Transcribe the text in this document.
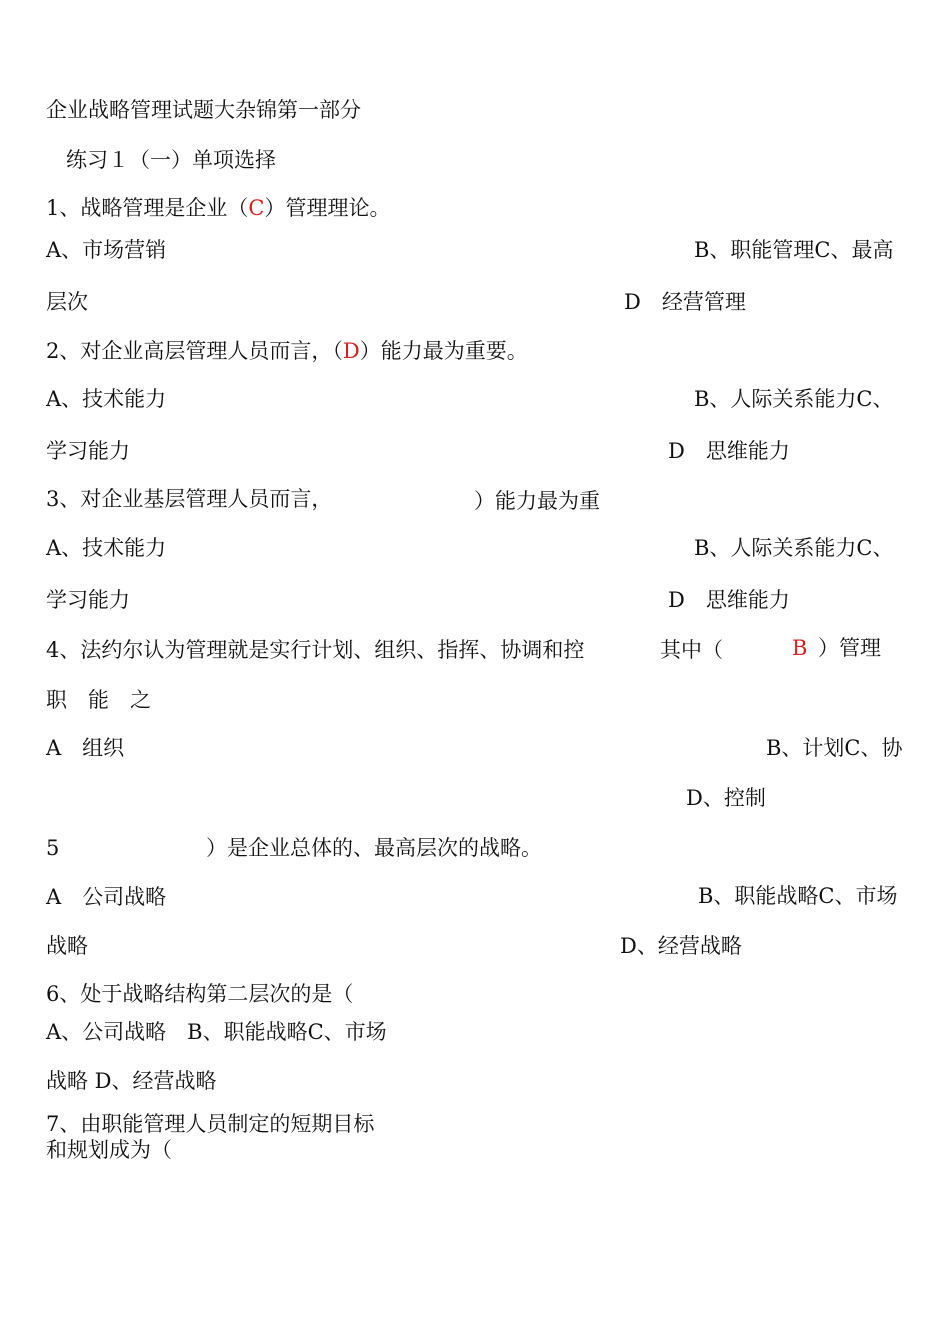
企业战略管理试题大杂锦第一部分

练习１（一）单项选择

1、战略管理是企业（C）管理理论。

A、市场营销	B、职能管理C、最高

层次	D　经营管理

2、对企业高层管理人员而言，（D）能力最为重要。

A、技术能力	B、人际关系能力C、

学习能力	D　思维能力

3、对企业基层管理人员而言，	）能力最为重

A、技术能力	B、人际关系能力C、

学习能力	D　思维能力

4、法约尔认为管理就是实行计划、组织、指挥、协调和控	其中（	B ）管理

职　能　之

A　组织	B、计划C、协

D、控制

5	）是企业总体的、最高层次的战略。

A　公司战略	B、职能战略C、市场

战略	D、经营战略

6、处于战略结构第二层次的是（

A、公司战略　B、职能战略C、市场

战略 D、经营战略

7、由职能管理人员制定的短期目标

和规划成为（
